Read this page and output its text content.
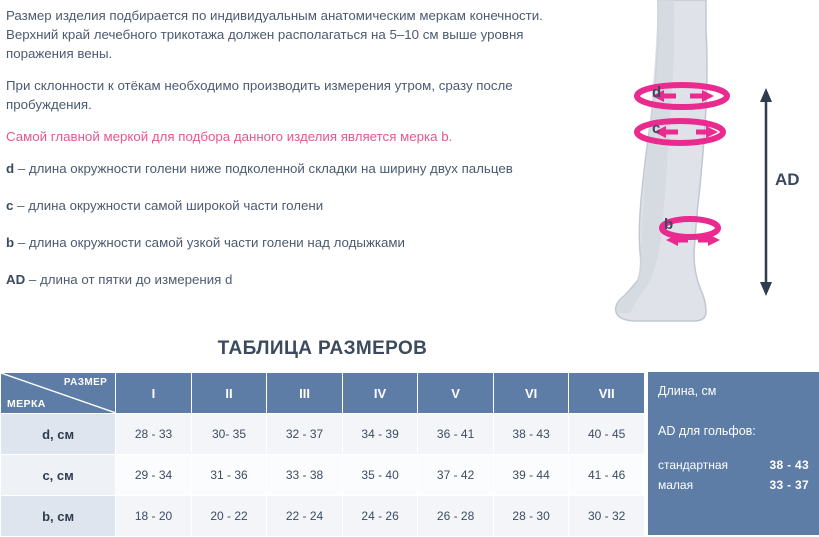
Размер изделия подбирается по индивидуальным анатомическим меркам конечности. Верхний край лечебного трикотажа должен располагаться на 5–10 см выше уровня поражения вены.

При склонности к отёкам необходимо производить измерения утром, сразу после пробуждения.

Самой главной меркой для подбора данного изделия является мерка b.

d – длина окружности голени ниже подколенной складки на ширину двух пальцев

c – длина окружности самой широкой части голени

b – длина окружности самой узкой части голени над лодыжками

AD – длина от пятки до измерения d

d
c
b
AD
ТАБЛИЦА РАЗМЕРОВ
РАЗМЕР
МЕРКА	I	II	III	IV	V	VI	VII
d, см	28 - 33	30- 35	32 - 37	34 - 39	36 - 41	38 - 43	40 - 45
c, см	29 - 34	31 - 36	33 - 38	35 - 40	37 - 42	39 - 44	41 - 46
b, см	18 - 20	20 - 22	22 - 24	24 - 26	26 - 28	28 - 30	30 - 32
Длина, см
AD для гольфов:
стандартная	38 - 43
малая	33 - 37
